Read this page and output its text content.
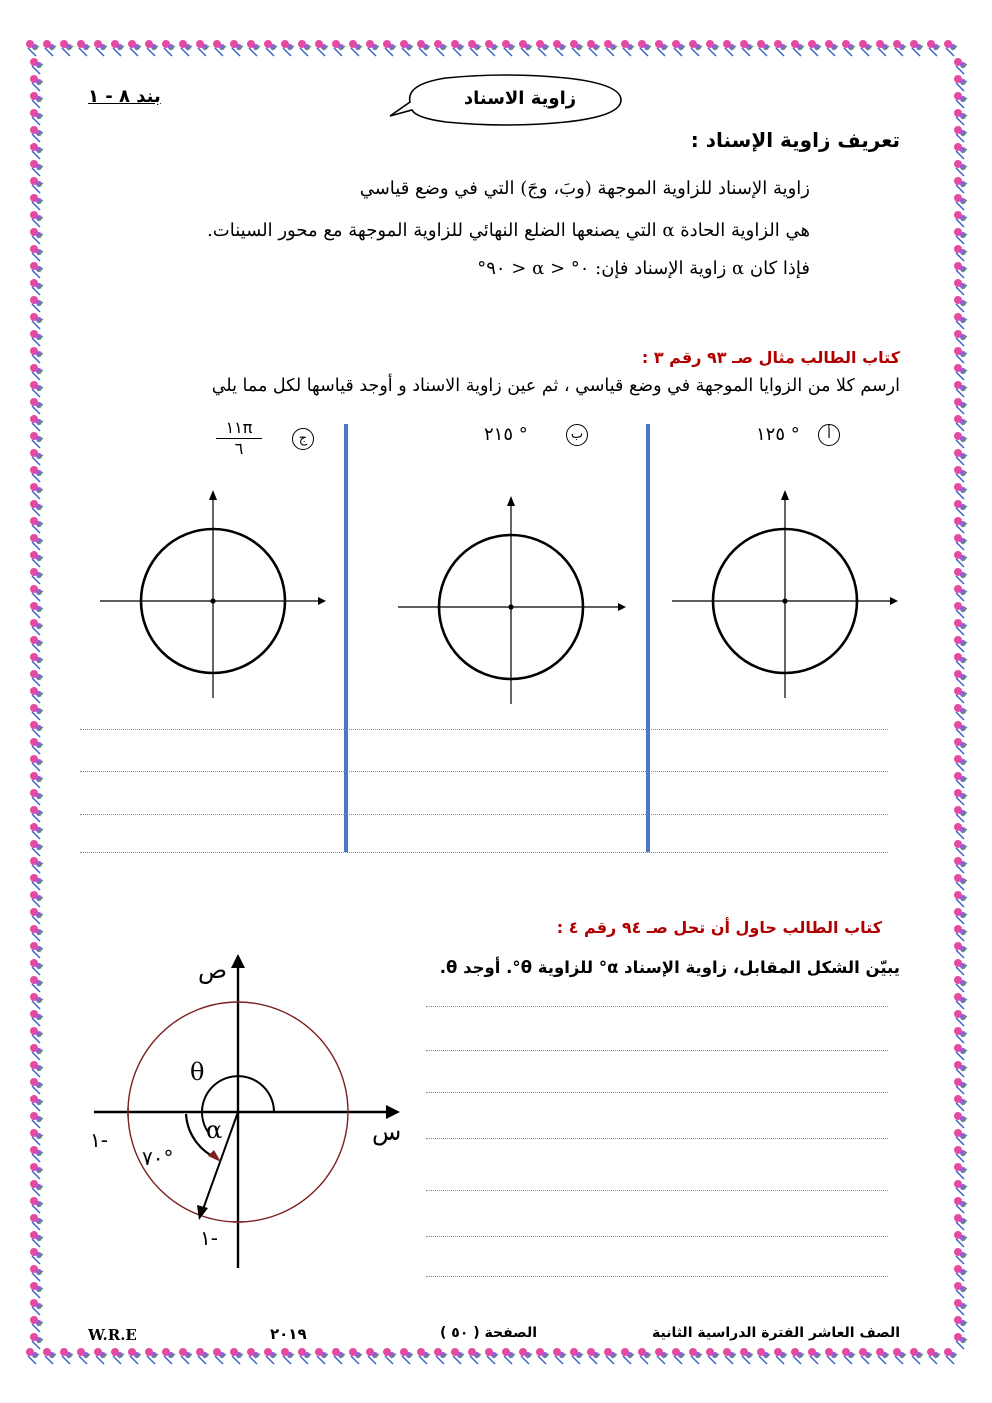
بند ٨ - ١	زاوية الاسناد
تعريف زاوية الإسناد :
زاوية الإسناد للزاوية الموجهة (وبَ، وجَ) التي في وضع قياسي
هي الزاوية الحادة α التي يصنعها الضلع النهائي للزاوية الموجهة مع محور السينات.
فإذا كان α زاوية الإسناد فإن: ٠° < α < ٩٠°
كتاب الطالب مثال صـ ٩٣ رقم ٣ :
ارسم كلا من الزوايا الموجهة في وضع قياسي ، ثم عين زاوية الاسناد و أوجد قياسها لكل مما يلي
أ
١٢٥ °
ب
٢١٥ °
ج
١١π
٦
كتاب الطالب حاول أن تحل صـ ٩٤ رقم ٤ :
يبيّن الشكل المقابل، زاوية الإسناد α° للزاوية θ°. أوجد θ.
ص
س
θ
α
٧٠°
١-
١-
W.R.E	٢٠١٩	الصفحة ( ٥٠ )	الصف العاشر الفترة الدراسية الثانية
